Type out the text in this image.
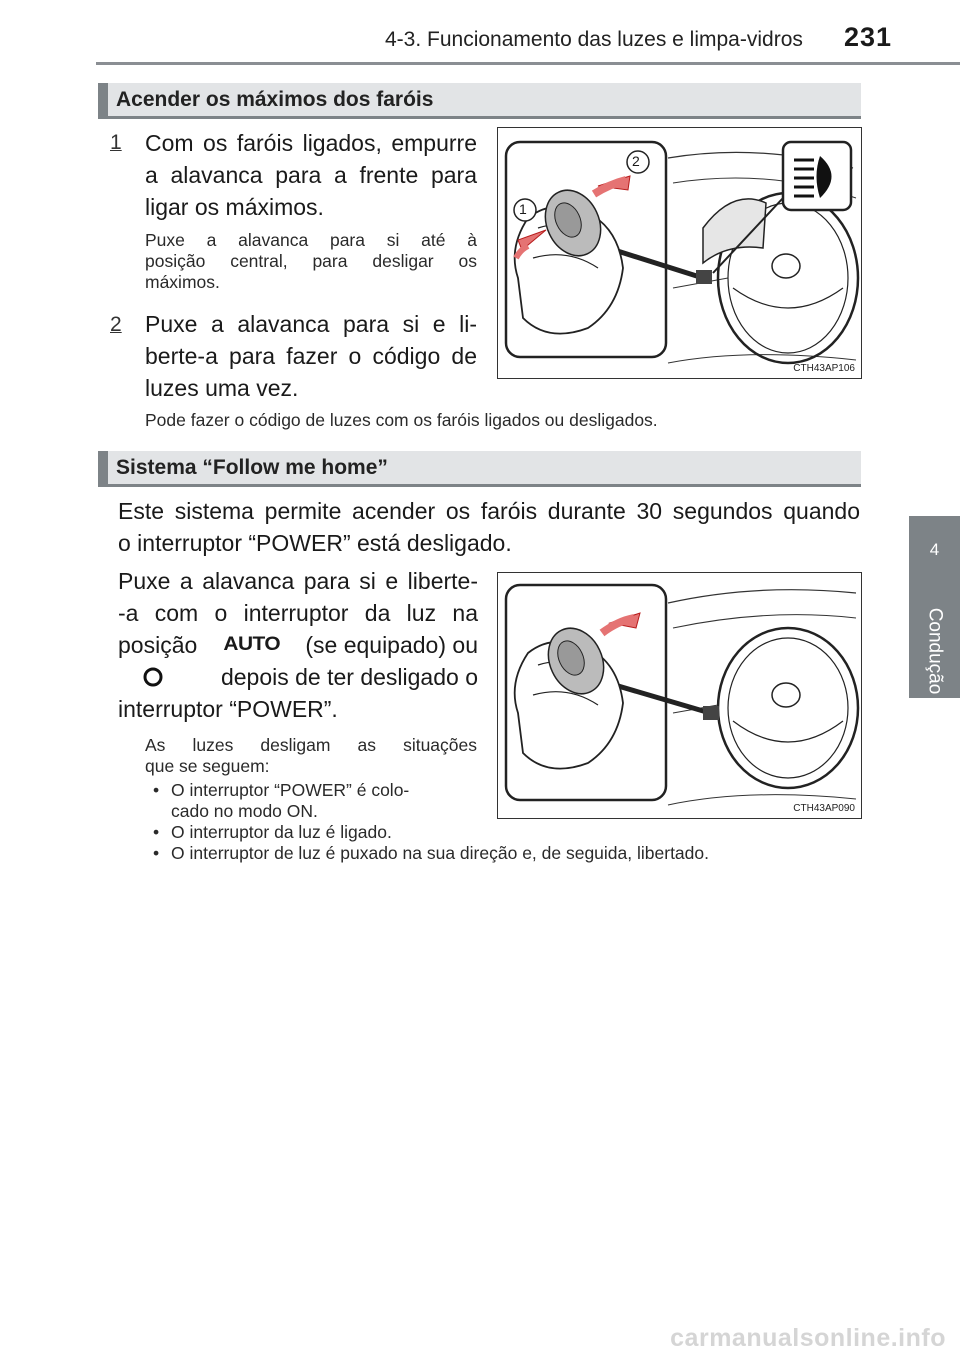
4-3. Funcionamento das luzes e limpa-vidros 231
4
Condução
Acender os máximos dos faróis
1 Com os faróis ligados, empurre
a alavanca para a frente para
ligar os máximos.
Puxe a alavanca para si até à
posição central, para desligar os
máximos.
2 Puxe a alavanca para si e li-
berte-a para fazer o código de
luzes uma vez.
Pode fazer o código de luzes com os faróis ligados ou desligados.
1
2
CTH43AP106
Sistema “Follow me home”
Este sistema permite acender os faróis durante 30 segundos quando
o interruptor “POWER” está desligado.
Puxe a alavanca para si e liberte-
-a com o interruptor da luz na
posição AUTO (se equipado) ou
depois de ter desligado o
interruptor “POWER”.
As luzes desligam as situações
que se seguem:
• O interruptor “POWER” é colo-
cado no modo ON.
• O interruptor da luz é ligado.
• O interruptor de luz é puxado na sua direção e, de seguida, libertado.
CTH43AP090
carmanualsonline.info
